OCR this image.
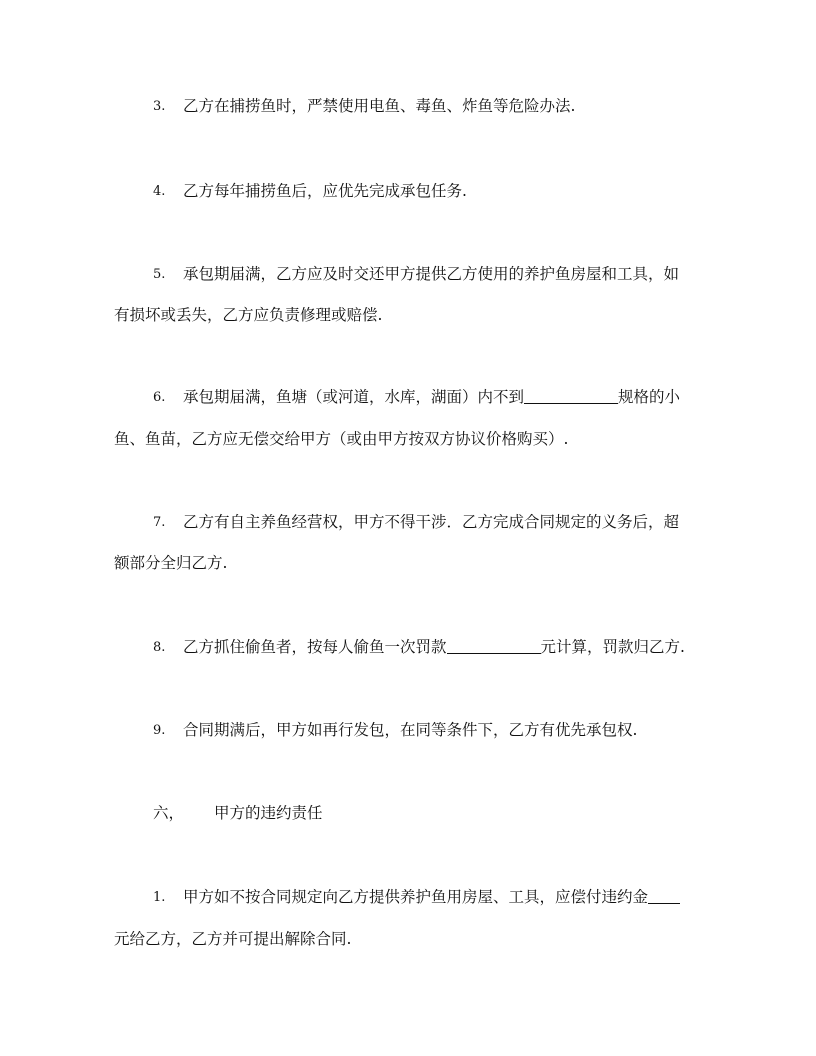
3. 乙方在捕捞鱼时，严禁使用电鱼、毒鱼、炸鱼等危险办法.
4. 乙方每年捕捞鱼后，应优先完成承包任务.
5. 承包期届满，乙方应及时交还甲方提供乙方使用的养护鱼房屋和工具，如
有损坏或丢失，乙方应负责修理或赔偿.
6. 承包期届满，鱼塘（或河道，水库，湖面）内不到	规格的小
鱼、鱼苗，乙方应无偿交给甲方（或由甲方按双方协议价格购买）.
7. 乙方有自主养鱼经营权，甲方不得干涉．乙方完成合同规定的义务后，超
额部分全归乙方.
8. 乙方抓住偷鱼者，按每人偷鱼一次罚款	元计算，罚款归乙方.
9. 合同期满后，甲方如再行发包，在同等条件下，乙方有优先承包权.
六， 甲方的违约责任
1. 甲方如不按合同规定向乙方提供养护鱼用房屋、工具，应偿付违约金
元给乙方，乙方并可提出解除合同.
